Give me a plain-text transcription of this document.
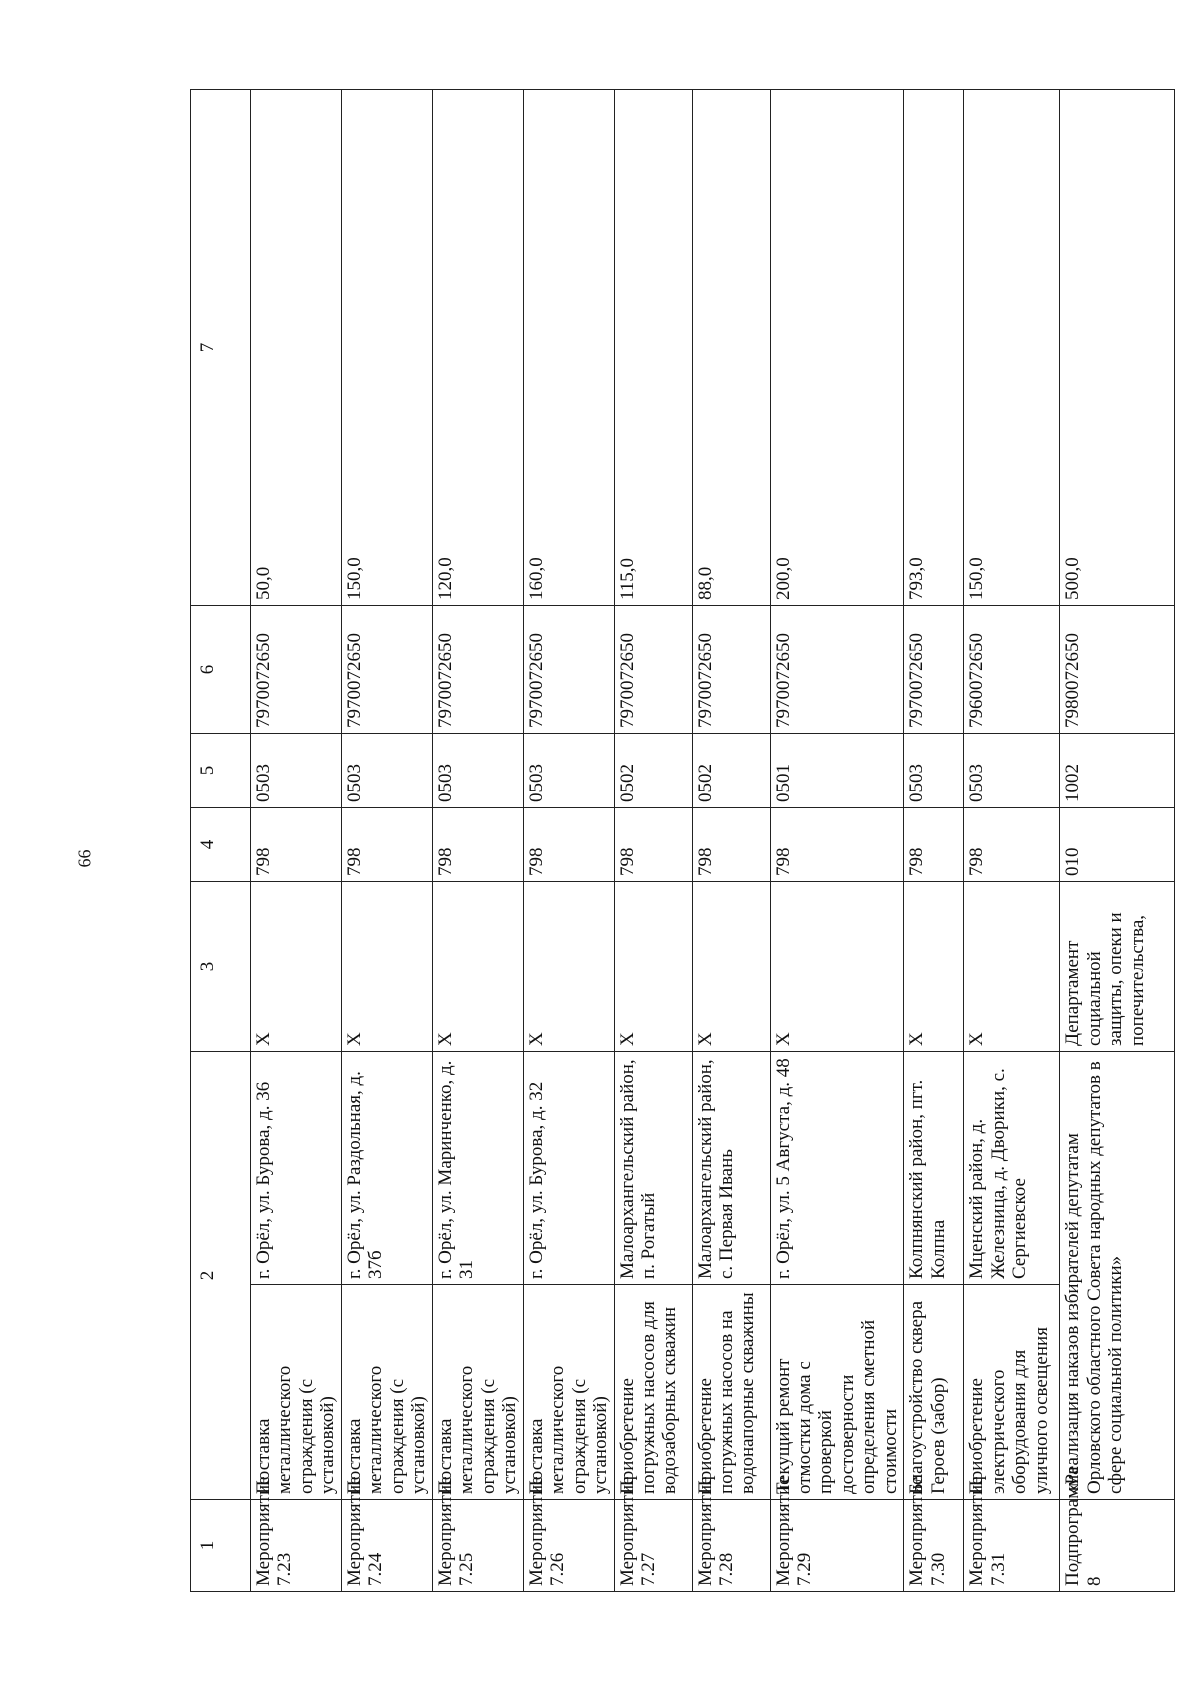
66
1	2		3	4	5	6	7
Мероприятие 7.23	Поставка металлического ограждения (с установкой)	г. Орёл, ул. Бурова, д. 36	Х	798	0503	7970072650	50,0
Мероприятие 7.24	Поставка металлического ограждения (с установкой)	г. Орёл, ул. Раздольная, д. 37б	Х	798	0503	7970072650	150,0
Мероприятие 7.25	Поставка металлического ограждения (с установкой)	г. Орёл, ул. Маринченко, д. 31	Х	798	0503	7970072650	120,0
Мероприятие 7.26	Поставка металлического ограждения (с установкой)	г. Орёл, ул. Бурова, д. 32	Х	798	0503	7970072650	160,0
Мероприятие 7.27	Приобретение погружных насосов для водозаборных скважин	Малоархангельский район, п. Рогатый	Х	798	0502	7970072650	115,0
Мероприятие 7.28	Приобретение погружных насосов на водонапорные скважины	Малоархангельский район, с. Первая Ивань	Х	798	0502	7970072650	88,0
Мероприятие 7.29	Текущий ремонт отмостки дома с проверкой достоверности определения сметной стоимости	г. Орёл, ул. 5 Августа, д. 48	Х	798	0501	7970072650	200,0
Мероприятие 7.30	Благоустройство сквера Героев (забор)	Колпнянский район, пгт. Колпна	Х	798	0503	7970072650	793,0
Мероприятие 7.31	Приобретение электрического оборудования для уличного освещения	Мценский район, д. Железница, д. Дворики, с. Сергиевское	Х	798	0503	7960072650	150,0
Подпрограмма 8	«Реализация наказов избирателей депутатам Орловского областного Совета народных депутатов в сфере социальной политики»		Департамент социальной защиты, опеки и попечительства,	010	1002	7980072650	500,0
